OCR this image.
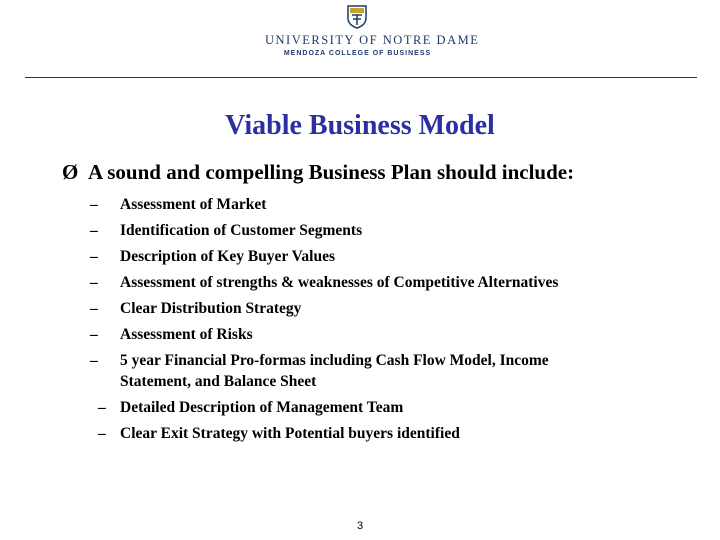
UNIVERSITY OF NOTRE DAME
MENDOZA COLLEGE OF BUSINESS
Viable Business Model
Ø A sound and compelling Business Plan should include:
– Assessment of Market
– Identification of Customer Segments
– Description of Key Buyer Values
– Assessment of strengths & weaknesses of Competitive Alternatives
– Clear Distribution Strategy
– Assessment of Risks
– 5 year Financial Pro-formas including Cash Flow Model, Income
Statement, and Balance Sheet
– Detailed Description of Management Team
– Clear Exit Strategy with Potential buyers identified
3
